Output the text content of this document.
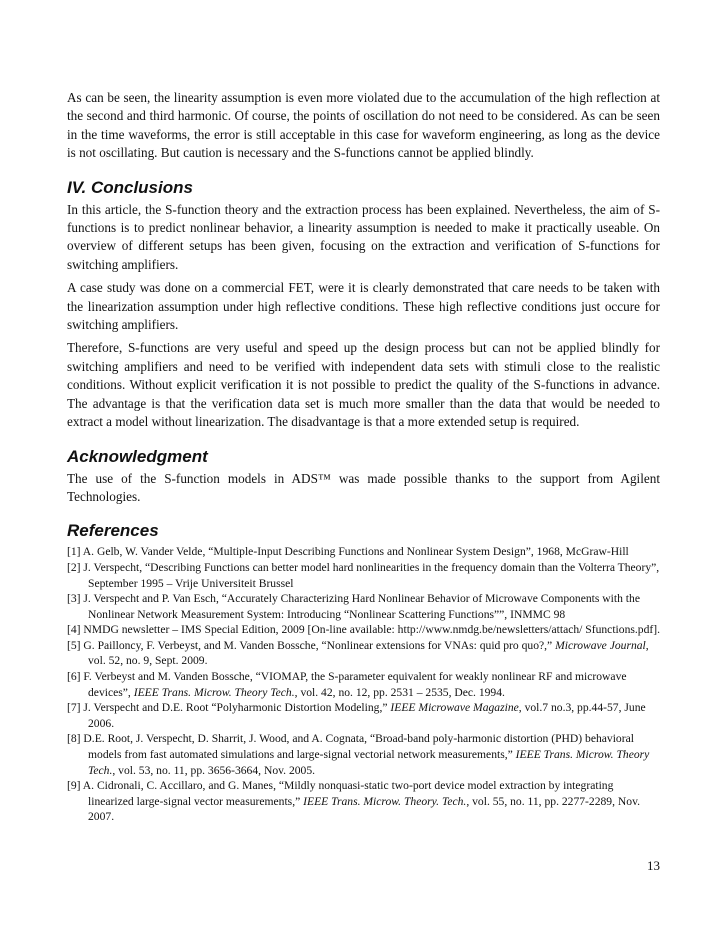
As can be seen, the linearity assumption is even more violated due to the accumulation of the high reflection at the second and third harmonic. Of course, the points of oscillation do not need to be considered. As can be seen in the time waveforms, the error is still acceptable in this case for waveform engineering, as long as the device is not oscillating. But caution is necessary and the S-functions cannot be applied blindly.

IV. Conclusions

In this article, the S-function theory and the extraction process has been explained. Nevertheless, the aim of S-functions is to predict nonlinear behavior, a linearity assumption is needed to make it practically useable. On overview of different setups has been given, focusing on the extraction and verification of S-functions for switching amplifiers.

A case study was done on a commercial FET, were it is clearly demonstrated that care needs to be taken with the linearization assumption under high reflective conditions. These high reflective conditions just occure for switching amplifiers.

Therefore, S-functions are very useful and speed up the design process but can not be applied blindly for switching amplifiers and need to be verified with independent data sets with stimuli close to the realistic conditions. Without explicit verification it is not possible to predict the quality of the S-functions in advance. The advantage is that the verification data set is much more smaller than the data that would be needed to extract a model without linearization. The disadvantage is that a more extended setup is required.

Acknowledgment

The use of the S-function models in ADS™ was made possible thanks to the support from Agilent Technologies.

References
[1] A. Gelb, W. Vander Velde, “Multiple-Input Describing Functions and Nonlinear System Design”, 1968, McGraw-Hill
[2] J. Verspecht, “Describing Functions can better model hard nonlinearities in the frequency domain than the Volterra Theory”, September 1995 – Vrije Universiteit Brussel
[3] J. Verspecht and P. Van Esch, “Accurately Characterizing Hard Nonlinear Behavior of Microwave Components with the Nonlinear Network Measurement System: Introducing “Nonlinear Scattering Functions””, INMMC 98
[4] NMDG newsletter – IMS Special Edition, 2009 [On-line available: http://www.nmdg.be/newsletters/attach/ Sfunctions.pdf].
[5] G. Pailloncy, F. Verbeyst, and M. Vanden Bossche, “Nonlinear extensions for VNAs: quid pro quo?,” Microwave Journal, vol. 52, no. 9, Sept. 2009.
[6] F. Verbeyst and M. Vanden Bossche, “VIOMAP, the S-parameter equivalent for weakly nonlinear RF and microwave devices”, IEEE Trans. Microw. Theory Tech., vol. 42, no. 12, pp. 2531 – 2535, Dec. 1994.
[7] J. Verspecht and D.E. Root “Polyharmonic Distortion Modeling,” IEEE Microwave Magazine, vol.7 no.3, pp.44-57, June 2006.
[8] D.E. Root, J. Verspecht, D. Sharrit, J. Wood, and A. Cognata, “Broad-band poly-harmonic distortion (PHD) behavioral models from fast automated simulations and large-signal vectorial network measurements,” IEEE Trans. Microw. Theory Tech., vol. 53, no. 11, pp. 3656-3664, Nov. 2005.
[9] A. Cidronali, C. Accillaro, and G. Manes, “Mildly nonquasi-static two-port device model extraction by integrating linearized large-signal vector measurements,” IEEE Trans. Microw. Theory. Tech., vol. 55, no. 11, pp. 2277-2289, Nov. 2007.
13
